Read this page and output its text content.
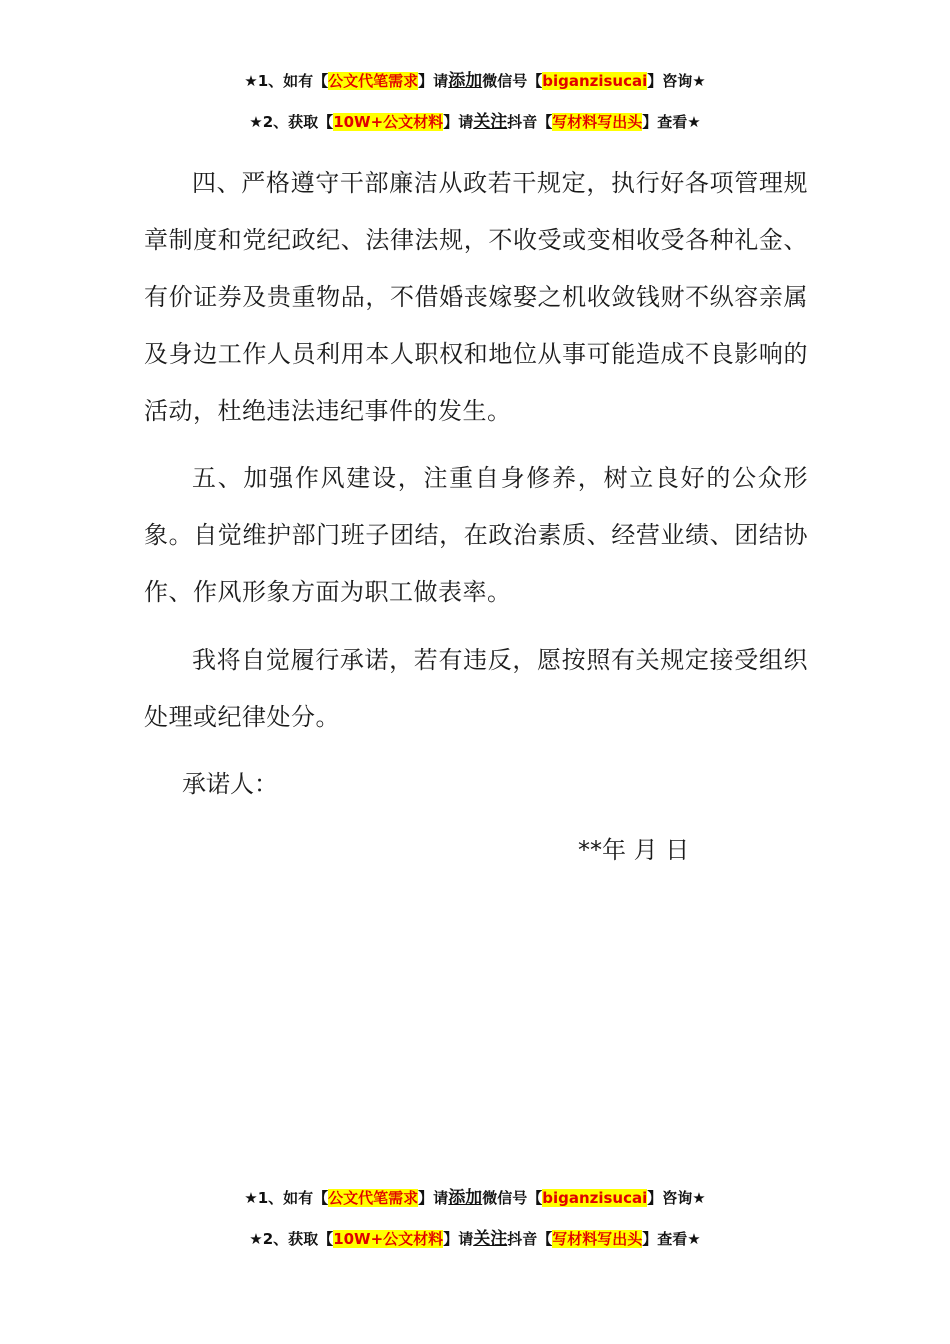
★1、如有【公文代笔需求】请添加微信号【biganzisucai】咨询★
★2、获取【10W+公文材料】请关注抖音【写材料写出头】查看★
四、严格遵守干部廉洁从政若干规定，执行好各项管理规章制度和党纪政纪、法律法规，不收受或变相收受各种礼金、有价证券及贵重物品，不借婚丧嫁娶之机收敛钱财不纵容亲属及身边工作人员利用本人职权和地位从事可能造成不良影响的活动，杜绝违法违纪事件的发生。
五、加强作风建设，注重自身修养，树立良好的公众形象。自觉维护部门班子团结，在政治素质、经营业绩、团结协作、作风形象方面为职工做表率。
我将自觉履行承诺，若有违反，愿按照有关规定接受组织处理或纪律处分。
承诺人：
**年 月 日
★1、如有【公文代笔需求】请添加微信号【biganzisucai】咨询★
★2、获取【10W+公文材料】请关注抖音【写材料写出头】查看★
